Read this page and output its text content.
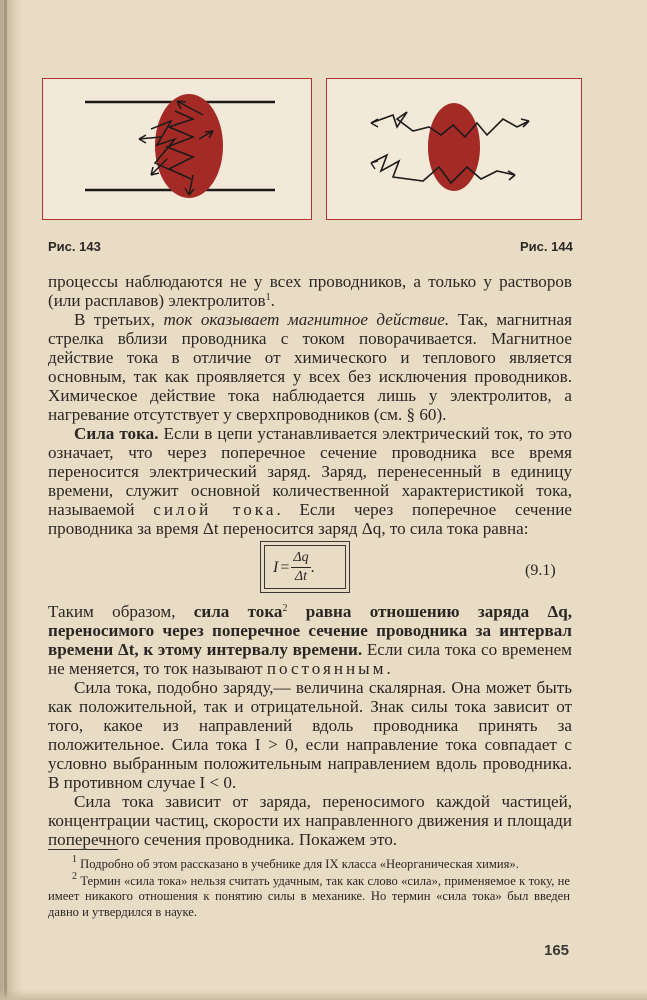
Рис. 143	Рис. 144

процессы наблюдаются не у всех проводников, а только у растворов (или расплавов) электролитов$^1$.

В третьих, ток оказывает магнитное действие. Так, магнитная стрелка вблизи проводника с током поворачивается. Магнитное действие тока в отличие от химического и теплового является основным, так как проявляется у всех без исключения проводников. Химическое действие тока наблюдается лишь у электролитов, а нагревание отсутствует у сверхпроводников (см. § 60).

Сила тока. Если в цепи устанавливается электрический ток, то это означает, что через поперечное сечение проводника все время переносится электрический заряд. Заряд, перенесенный в единицу времени, служит основной количественной характеристикой тока, называемой силой тока. Если через поперечное сечение проводника за время Δt переносится заряд Δq, то сила тока равна:

$I = \frac{\Delta q}{\Delta t}$ .	(9.1)

Таким образом, сила тока$^2$ равна отношению заряда Δq, переносимого через поперечное сечение проводника за интервал времени Δt, к этому интервалу времени. Если сила тока со временем не меняется, то ток называют постоянным.

Сила тока, подобно заряду,— величина скалярная. Она может быть как положительной, так и отрицательной. Знак силы тока зависит от того, какое из направлений вдоль проводника принять за положительное. Сила тока I > 0, если направление тока совпадает с условно выбранным положительным направлением вдоль проводника. В противном случае I < 0.

Сила тока зависит от заряда, переносимого каждой частицей, концентрации частиц, скорости их направленного движения и площади поперечного сечения проводника. Покажем это.

$^1$ Подробно об этом рассказано в учебнике для IX класса «Неорганическая химия».

$^2$ Термин «сила тока» нельзя считать удачным, так как слово «сила», применяемое к току, не имеет никакого отношения к понятию силы в механике. Но термин «сила тока» был введен давно и утвердился в науке.

165
